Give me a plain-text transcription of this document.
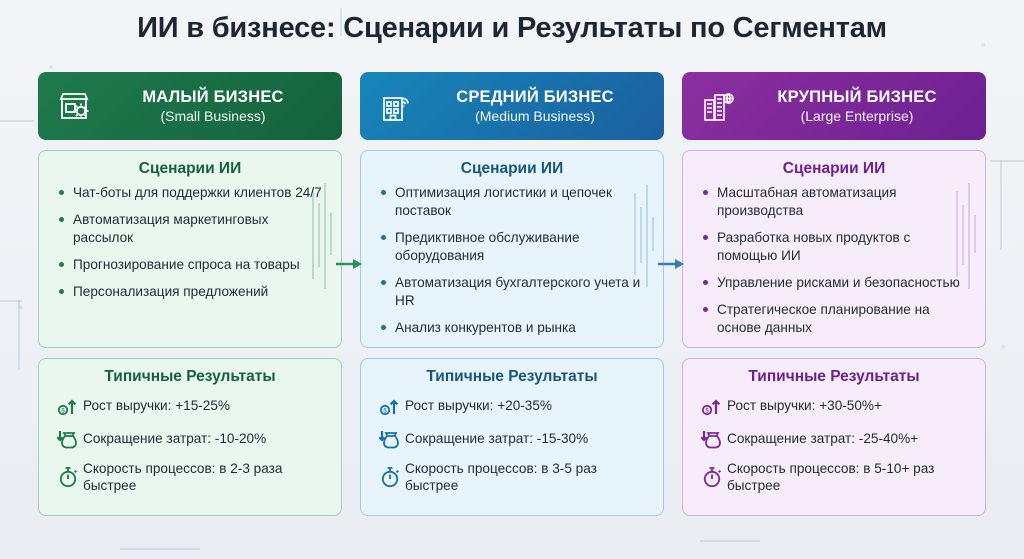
ИИ в бизнесе: Сценарии и Результаты по Сегментам
МАЛЫЙ БИЗНЕС
(Small Business)
Сценарии ИИ
Чат-боты для поддержки клиентов 24/7
Автоматизация маркетинговых рассылок
Прогнозирование спроса на товары
Персонализация предложений
Типичные Результаты
$ Рост выручки: +15-25%
Сокращение затрат: -10-20%
Скорость процессов: в 2-3 раза быстрее
СРЕДНИЙ БИЗНЕС
(Medium Business)
Сценарии ИИ
Оптимизация логистики и цепочек поставок
Предиктивное обслуживание оборудования
Автоматизация бухгалтерского учета и HR
Анализ конкурентов и рынка
Типичные Результаты
$ Рост выручки: +20-35%
Сокращение затрат: -15-30%
Скорость процессов: в 3-5 раз быстрее
КРУПНЫЙ БИЗНЕС
(Large Enterprise)
Сценарии ИИ
Масштабная автоматизация производства
Разработка новых продуктов с помощью ИИ
Управление рисками и безопасностью
Стратегическое планирование на основе данных
Типичные Результаты
$ Рост выручки: +30-50%+
Сокращение затрат: -25-40%+
Скорость процессов: в 5-10+ раз быстрее
